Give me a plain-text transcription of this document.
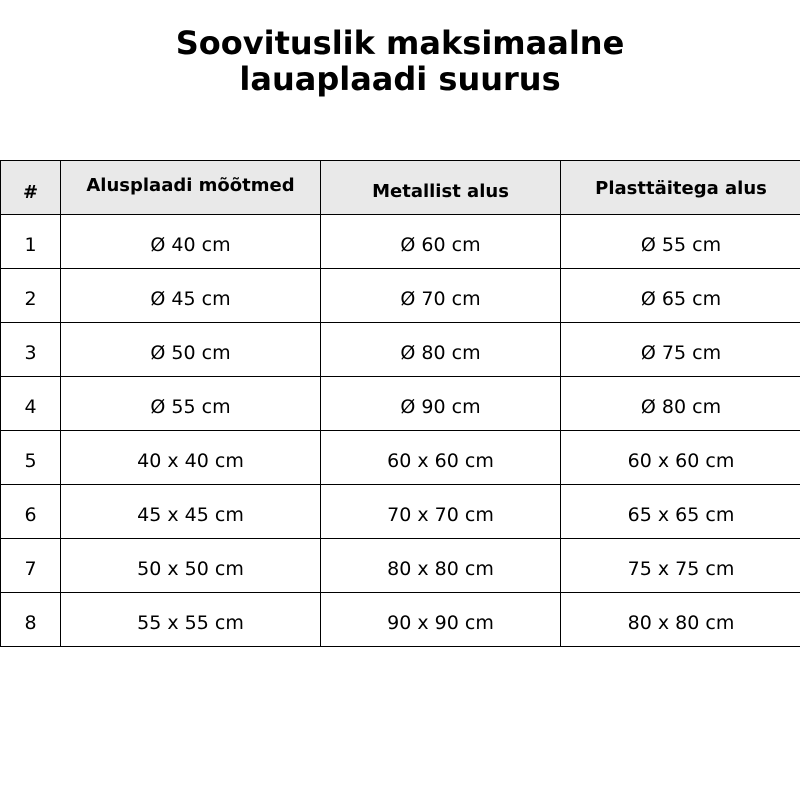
Soovituslik maksimaalne
lauaplaadi suurus
#	Alusplaadi mõõtmed	Metallist alus	Plasttäitega alus
1	Ø 40 cm	Ø 60 cm	Ø 55 cm
2	Ø 45 cm	Ø 70 cm	Ø 65 cm
3	Ø 50 cm	Ø 80 cm	Ø 75 cm
4	Ø 55 cm	Ø 90 cm	Ø 80 cm
5	40 x 40 cm	60 x 60 cm	60 x 60 cm
6	45 x 45 cm	70 x 70 cm	65 x 65 cm
7	50 x 50 cm	80 x 80 cm	75 x 75 cm
8	55 x 55 cm	90 x 90 cm	80 x 80 cm
